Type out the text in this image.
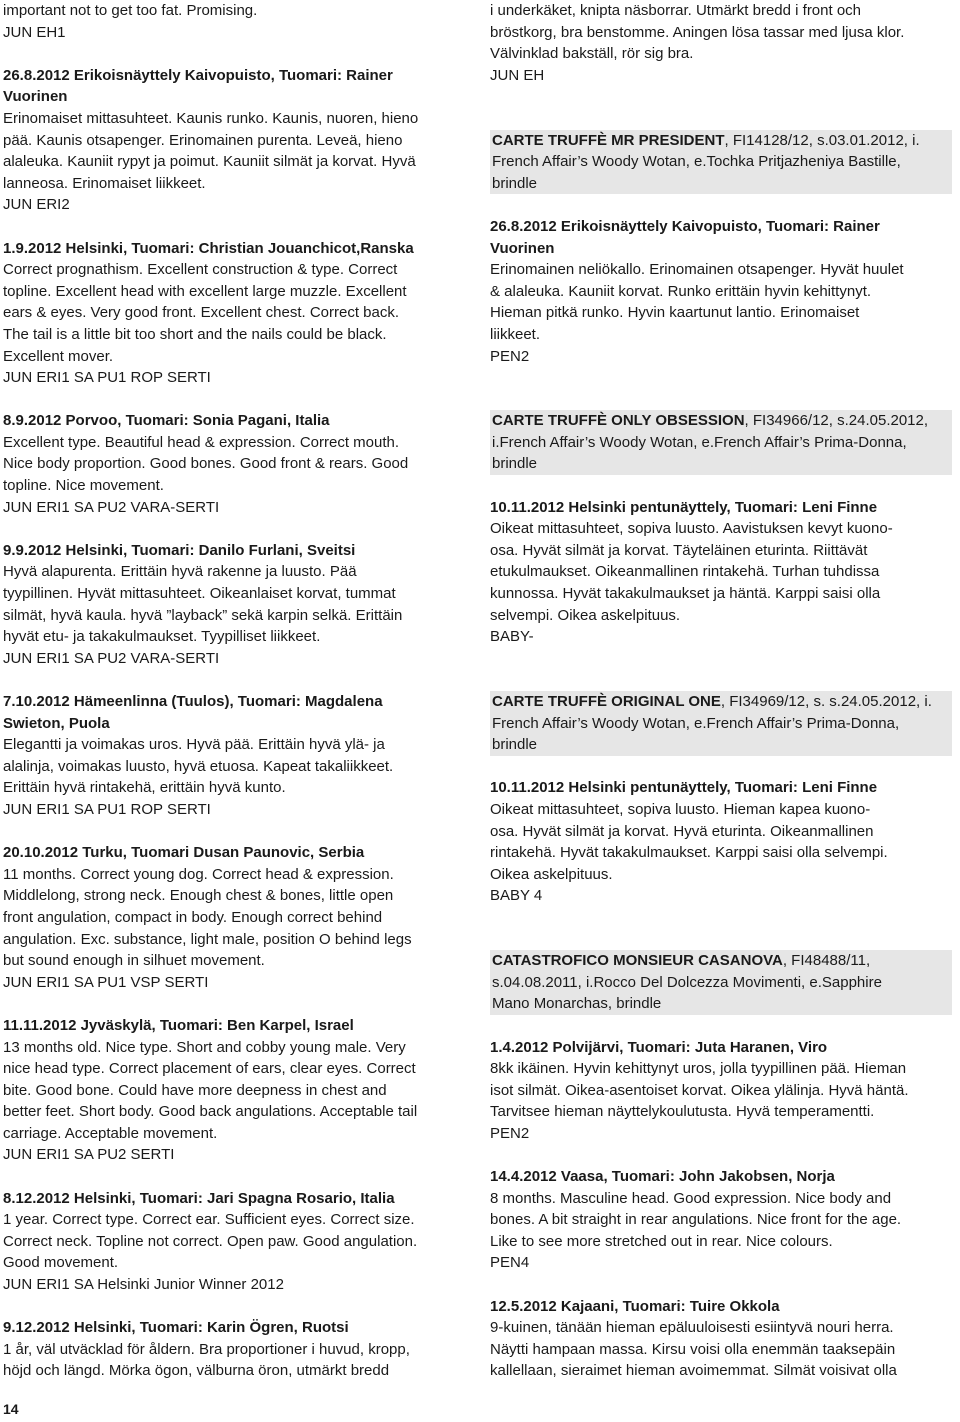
important not to get too fat. Promising.
JUN EH1
26.8.2012 Erikoisnäyttely Kaivopuisto, Tuomari: Rainer
Vuorinen
Erinomaiset mittasuhteet. Kaunis runko. Kaunis, nuoren, hieno
pää. Kaunis otsapenger. Erinomainen purenta. Leveä, hieno
alaleuka. Kauniit rypyt ja poimut. Kauniit silmät ja korvat. Hyvä
lanneosa. Erinomaiset liikkeet.
JUN ERI2
1.9.2012 Helsinki, Tuomari: Christian Jouanchicot,Ranska
Correct prognathism. Excellent construction & type. Correct
topline. Excellent head with excellent large muzzle. Excellent
ears & eyes. Very good front. Excellent chest. Correct back.
The tail is a little bit too short and the nails could be black.
Excellent mover.
JUN ERI1 SA PU1 ROP SERTI
8.9.2012 Porvoo, Tuomari: Sonia Pagani, Italia
Excellent type. Beautiful head & expression. Correct mouth.
Nice body proportion. Good bones. Good front & rears. Good
topline. Nice movement.
JUN ERI1 SA PU2 VARA-SERTI
9.9.2012 Helsinki, Tuomari: Danilo Furlani, Sveitsi
Hyvä alapurenta. Erittäin hyvä rakenne ja luusto. Pää
tyypillinen. Hyvät mittasuhteet. Oikeanlaiset korvat, tummat
silmät, hyvä kaula. hyvä ”layback” sekä karpin selkä. Erittäin
hyvät etu- ja takakulmaukset. Tyypilliset liikkeet.
JUN ERI1 SA PU2 VARA-SERTI
7.10.2012 Hämeenlinna (Tuulos), Tuomari: Magdalena
Swieton, Puola
Elegantti ja voimakas uros. Hyvä pää. Erittäin hyvä ylä- ja
alalinja, voimakas luusto, hyvä etuosa. Kapeat takaliikkeet.
Erittäin hyvä rintakehä, erittäin hyvä kunto.
JUN ERI1 SA PU1 ROP SERTI
20.10.2012 Turku, Tuomari Dusan Paunovic, Serbia
11 months. Correct young dog. Correct head & expression.
Middlelong, strong neck. Enough chest & bones, little open
front angulation, compact in body. Enough correct behind
angulation. Exc. substance, light male, position O behind legs
but sound enough in silhuet movement.
JUN ERI1 SA PU1 VSP SERTI
11.11.2012 Jyväskylä, Tuomari: Ben Karpel, Israel
13 months old. Nice type. Short and cobby young male. Very
nice head type. Correct placement of ears, clear eyes. Correct
bite. Good bone. Could have more deepness in chest and
better feet. Short body. Good back angulations. Acceptable tail
carriage. Acceptable movement.
JUN ERI1 SA PU2 SERTI
8.12.2012 Helsinki, Tuomari: Jari Spagna Rosario, Italia
1 year. Correct type. Correct ear. Sufficient eyes. Correct size.
Correct neck. Topline not correct. Open paw. Good angulation.
Good movement.
JUN ERI1 SA Helsinki Junior Winner 2012
9.12.2012 Helsinki, Tuomari: Karin Ögren, Ruotsi
1 år, väl utväcklad för åldern. Bra proportioner i huvud, kropp,
höjd och längd. Mörka ögon, välburna öron, utmärkt bredd
i underkäket, knipta näsborrar. Utmärkt bredd i front och
bröstkorg, bra benstomme. Aningen lösa tassar med ljusa klor.
Välvinklad bakställ, rör sig bra.
JUN EH
CARTE TRUFFÈ MR PRESIDENT, FI14128/12, s.03.01.2012, i.
French Affair’s Woody Wotan, e.Tochka Pritjazheniya Bastille,
brindle
26.8.2012 Erikoisnäyttely Kaivopuisto, Tuomari: Rainer
Vuorinen
Erinomainen neliökallo. Erinomainen otsapenger. Hyvät huulet
& alaleuka. Kauniit korvat. Runko erittäin hyvin kehittynyt.
Hieman pitkä runko. Hyvin kaartunut lantio. Erinomaiset
liikkeet.
PEN2
CARTE TRUFFÈ ONLY OBSESSION, FI34966/12, s.24.05.2012,
i.French Affair’s Woody Wotan, e.French Affair’s Prima-Donna,
brindle
10.11.2012 Helsinki pentunäyttely, Tuomari: Leni Finne
Oikeat mittasuhteet, sopiva luusto. Aavistuksen kevyt kuono-
osa. Hyvät silmät ja korvat. Täyteläinen eturinta. Riittävät
etukulmaukset. Oikeanmallinen rintakehä. Turhan tuhdissa
kunnossa. Hyvät takakulmaukset ja häntä. Karppi saisi olla
selvempi. Oikea askelpituus.
BABY-
CARTE TRUFFÈ ORIGINAL ONE, FI34969/12, s. s.24.05.2012, i.
French Affair’s Woody Wotan, e.French Affair’s Prima-Donna,
brindle
10.11.2012 Helsinki pentunäyttely, Tuomari: Leni Finne
Oikeat mittasuhteet, sopiva luusto. Hieman kapea kuono-
osa. Hyvät silmät ja korvat. Hyvä eturinta. Oikeanmallinen
rintakehä. Hyvät takakulmaukset. Karppi saisi olla selvempi.
Oikea askelpituus.
BABY 4
CATASTROFICO MONSIEUR CASANOVA, FI48488/11,
s.04.08.2011, i.Rocco Del Dolcezza Movimenti, e.Sapphire
Mano Monarchas, brindle
1.4.2012 Polvijärvi, Tuomari: Juta Haranen, Viro
8kk ikäinen. Hyvin kehittynyt uros, jolla tyypillinen pää. Hieman
isot silmät. Oikea-asentoiset korvat. Oikea ylälinja. Hyvä häntä.
Tarvitsee hieman näyttelykoulutusta. Hyvä temperamentti.
PEN2
14.4.2012 Vaasa, Tuomari: John Jakobsen, Norja
8 months. Masculine head. Good expression. Nice body and
bones. A bit straight in rear angulations. Nice front for the age.
Like to see more stretched out in rear. Nice colours.
PEN4
12.5.2012 Kajaani, Tuomari: Tuire Okkola
9-kuinen, tänään hieman epäluuloisesti esiintyvä nouri herra.
Näytti hampaan massa. Kirsu voisi olla enemmän taaksepäin
kallellaan, sieraimet hieman avoimemmat. Silmät voisivat olla
14
